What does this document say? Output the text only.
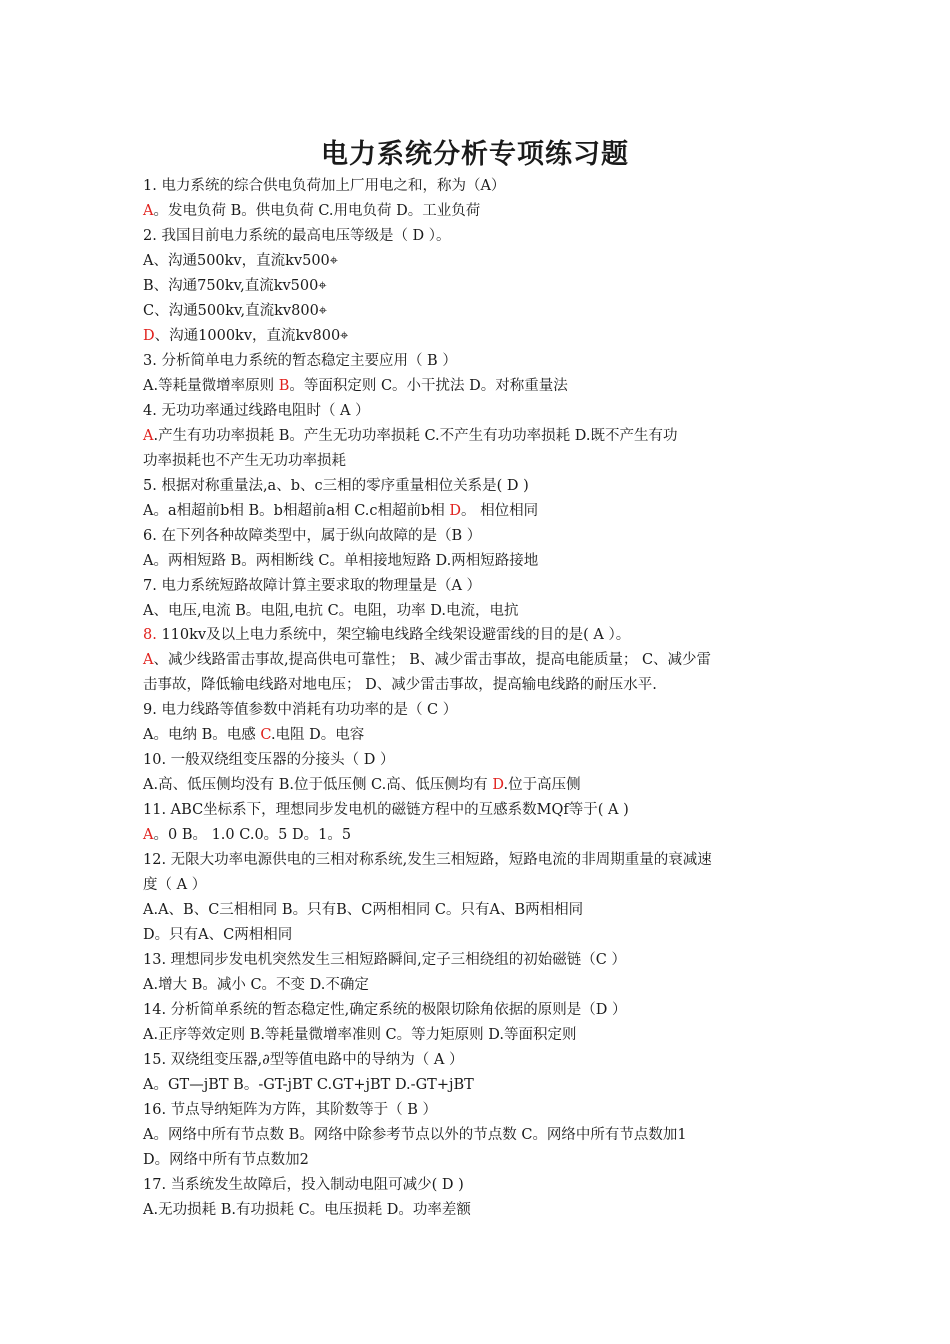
电力系统分析专项练习题
1. 电力系统的综合供电负荷加上厂用电之和，称为（A）
A。发电负荷 B。供电负荷 C.用电负荷 D。工业负荷
2. 我国目前电力系统的最高电压等级是（ D ）。
A、沟通500kv，直流kv500⌖
B、沟通750kv,直流kv500⌖
C、沟通500kv,直流kv800⌖
D、沟通1000kv，直流kv800⌖
3. 分析简单电力系统的暂态稳定主要应用（ B ）
A.等耗量微增率原则 B。等面积定则 C。小干扰法 D。对称重量法
4. 无功功率通过线路电阻时（ A ）
A.产生有功功率损耗 B。产生无功功率损耗 C.不产生有功功率损耗 D.既不产生有功
功率损耗也不产生无功功率损耗
5. 根据对称重量法,a、b、c三相的零序重量相位关系是( D )
A。a相超前b相 B。b相超前a相 C.c相超前b相 D。 相位相同
6. 在下列各种故障类型中，属于纵向故障的是（B ）
A。两相短路 B。两相断线 C。单相接地短路 D.两相短路接地
7. 电力系统短路故障计算主要求取的物理量是（A ）
A、电压,电流 B。电阻,电抗 C。电阻，功率 D.电流，电抗
8. 110kv及以上电力系统中，架空输电线路全线架设避雷线的目的是( A ）。
A、减少线路雷击事故,提高供电可靠性； B、减少雷击事故，提高电能质量； C、减少雷
击事故，降低输电线路对地电压； D、减少雷击事故，提高输电线路的耐压水平.
9. 电力线路等值参数中消耗有功功率的是（ C ）
A。电纳 B。电感 C.电阻 D。电容
10. 一般双绕组变压器的分接头（ D ）
A.高、低压侧均没有 B.位于低压侧 C.高、低压侧均有 D.位于高压侧
11. ABC坐标系下，理想同步发电机的磁链方程中的互感系数MQf等于( A )
A。0 B。 1.0 C.0。5 D。1。5
12. 无限大功率电源供电的三相对称系统,发生三相短路，短路电流的非周期重量的衰减速
度（ A ）
A.A、B、C三相相同 B。只有B、C两相相同 C。只有A、B两相相同
D。只有A、C两相相同
13. 理想同步发电机突然发生三相短路瞬间,定子三相绕组的初始磁链（C ）
A.增大 B。减小 C。不变 D.不确定
14. 分析简单系统的暂态稳定性,确定系统的极限切除角依据的原则是（D ）
A.正序等效定则 B.等耗量微增率准则 C。等力矩原则 D.等面积定则
15. 双绕组变压器,∂型等值电路中的导纳为（ A ）
A。GT—jBT B。-GT-jBT C.GT+jBT D.-GT+jBT
16. 节点导纳矩阵为方阵，其阶数等于（ B ）
A。网络中所有节点数 B。网络中除参考节点以外的节点数 C。网络中所有节点数加1
D。网络中所有节点数加2
17. 当系统发生故障后，投入制动电阻可减少( D )
A.无功损耗 B.有功损耗 C。电压损耗 D。功率差额
